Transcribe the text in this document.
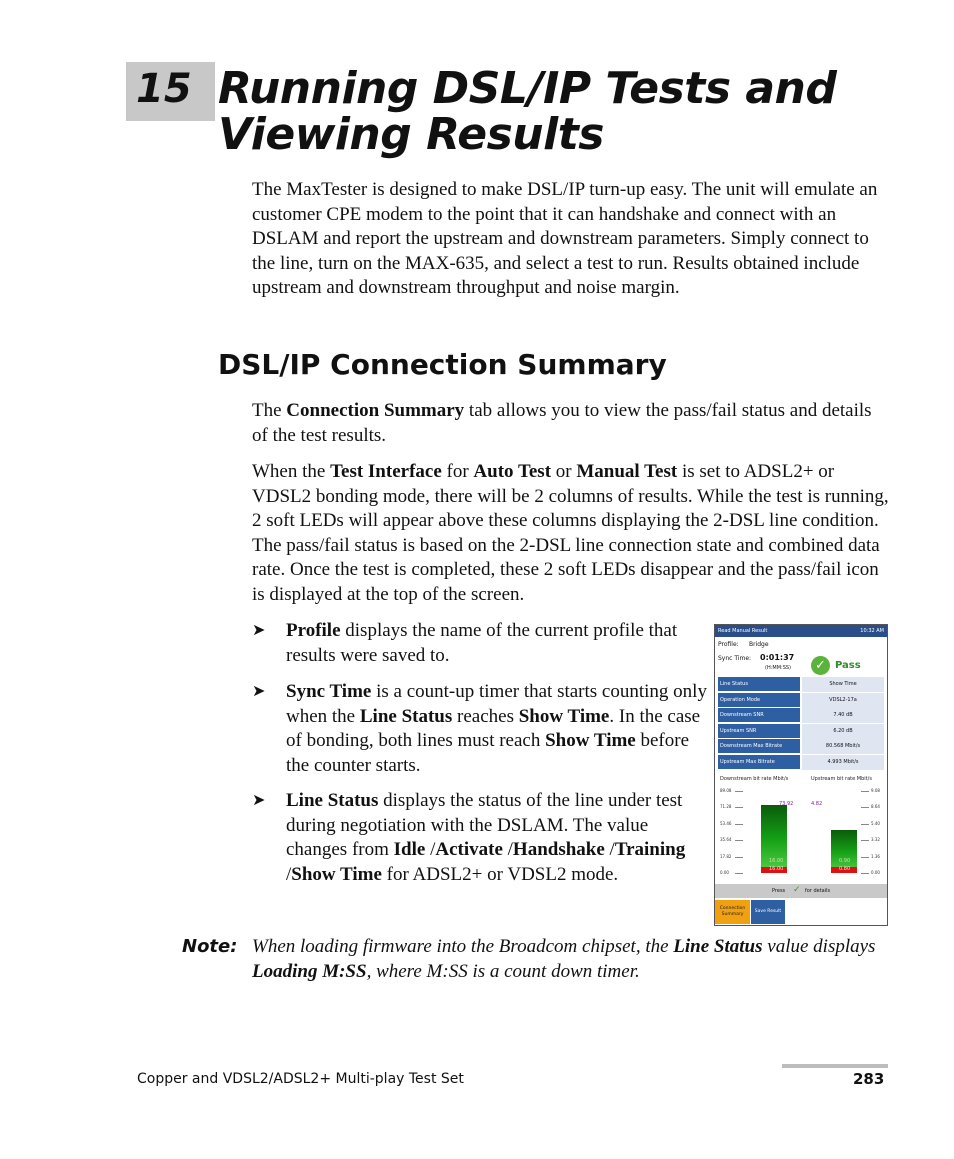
15 Running DSL/IP Tests and
Viewing Results

The MaxTester is designed to make DSL/IP turn-up easy. The unit will emulate an customer CPE modem to the point that it can handshake and connect with an DSLAM and report the upstream and downstream parameters. Simply connect to the line, turn on the MAX-635, and select a test to run. Results obtained include upstream and downstream throughput and noise margin.

DSL/IP Connection Summary

The Connection Summary tab allows you to view the pass/fail status and details of the test results.

When the Test Interface for Auto Test or Manual Test is set to ADSL2+ or VDSL2 bonding mode, there will be 2 columns of results. While the test is running, 2 soft LEDs will appear above these columns displaying the 2-DSL line condition. The pass/fail status is based on the 2-DSL line connection state and combined data rate. Once the test is completed, these 2 soft LEDs disappear and the pass/fail icon is displayed at the top of the screen.

➤ Profile displays the name of the current profile that results were saved to.
➤ Sync Time is a count-up timer that starts counting only when the Line Status reaches Show Time. In the case of bonding, both lines must reach Show Time before the counter starts.
➤ Line Status displays the status of the line under test during negotiation with the DSLAM. The value changes from Idle /Activate /Handshake /Training /Show Time for ADSL2+ or VDSL2 mode.
Read Manual Result	10:32 AM
Profile: Bridge
Sync Time: 0:01:37
(H:MM:SS)	✓ Pass
Line Status	Show Time
Operation Mode	VDSL2-17a
Downstream SNR	7.40 dB
Upstream SNR	6.20 dB
Downstream Max Bitrate	80.568 Mbit/s
Upstream Max Bitrate	4.993 Mbit/s
Downstream bit rate Mbit/s	Upstream bit rate Mbit/s
89.08
71.28
53.46
35.64
17.82
0.00
16.00
16.00
73.92
9.08
8.64
5.40
3.32
1.36
0.00
0.80
0.90
4.82
Press ✓ for details
Connection Summary
Save Result
Note: When loading firmware into the Broadcom chipset, the Line Status value displays Loading M:SS, where M:SS is a count down timer.
Copper and VDSL2/ADSL2+ Multi-play Test Set	283
